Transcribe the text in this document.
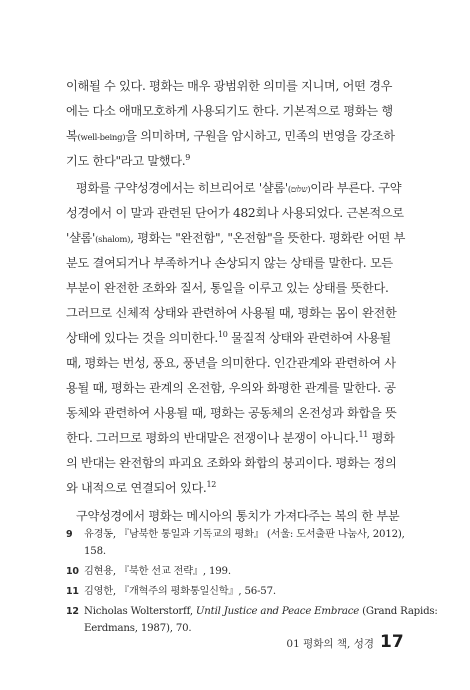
이해될 수 있다. 평화는 매우 광범위한 의미를 지니며, 어떤 경우
에는 다소 애매모호하게 사용되기도 한다. 기본적으로 평화는 행
복(well-being)을 의미하며, 구원을 암시하고, 민족의 번영을 강조하
기도 한다"라고 말했다.$^9$
평화를 구약성경에서는 히브리어로 '샬롬'(שלום)이라 부른다. 구약
성경에서 이 말과 관련된 단어가 482회나 사용되었다. 근본적으로
'샬롬'(shalom), 평화는 "완전함", "온전함"을 뜻한다. 평화란 어떤 부
분도 결여되거나 부족하거나 손상되지 않는 상태를 말한다. 모든
부분이 완전한 조화와 질서, 통일을 이루고 있는 상태를 뜻한다.
그러므로 신체적 상태와 관련하여 사용될 때, 평화는 몸이 완전한
상태에 있다는 것을 의미한다.$^{10}$ 물질적 상태와 관련하여 사용될
때, 평화는 번성, 풍요, 풍년을 의미한다. 인간관계와 관련하여 사
용될 때, 평화는 관계의 온전함, 우의와 화평한 관계를 말한다. 공
동체와 관련하여 사용될 때, 평화는 공동체의 온전성과 화합을 뜻
한다. 그러므로 평화의 반대말은 전쟁이나 분쟁이 아니다.$^{11}$ 평화
의 반대는 완전함의 파괴요 조화와 화합의 붕괴이다. 평화는 정의
와 내적으로 연결되어 있다.$^{12}$
구약성경에서 평화는 메시아의 통치가 가져다주는 복의 한 부분
9 유경동, 『남북한 통일과 기독교의 평화』 (서울: 도서출판 나눔사, 2012),
158.
10 김현용, 『북한 선교 전략』, 199.
11 김영한, 『개혁주의 평화통일신학』, 56-57.
12 Nicholas Wolterstorff, Until Justice and Peace Embrace (Grand Rapids:
Eerdmans, 1987), 70.
01 평화의 책, 성경 17
